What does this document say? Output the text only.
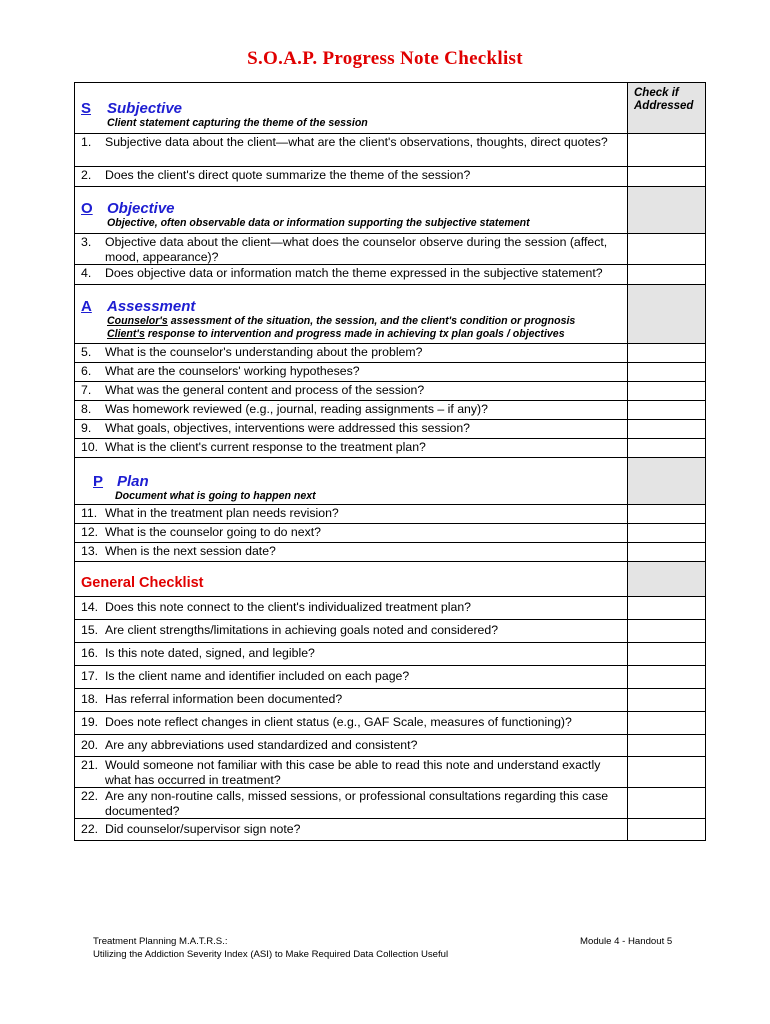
S.O.A.P. Progress Note Checklist
S Subjective
Client statement capturing the theme of the session	Check if Addressed

1. Subjective data about the client—what are the client's observations, thoughts, direct quotes?	

2. Does the client's direct quote summarize the theme of the session?	

O Objective
Objective, often observable data or information supporting the subjective statement	

3. Objective data about the client—what does the counselor observe during the session (affect, mood, appearance)?	

4. Does objective data or information match the theme expressed in the subjective statement?	

A Assessment
Counselor's assessment of the situation, the session, and the client's condition or prognosis
Client's response to intervention and progress made in achieving tx plan goals / objectives	

5. What is the counselor's understanding about the problem?	

6. What are the counselors' working hypotheses?	

7. What was the general content and process of the session?	

8. Was homework reviewed (e.g., journal, reading assignments – if any)?	

9. What goals, objectives, interventions were addressed this session?	

10. What is the client's current response to the treatment plan?	

P Plan
Document what is going to happen next	

11. What in the treatment plan needs revision?	

12. What is the counselor going to do next?	

13. When is the next session date?	

General Checklist	

14. Does this note connect to the client's individualized treatment plan?	

15. Are client strengths/limitations in achieving goals noted and considered?	

16. Is this note dated, signed, and legible?	

17. Is the client name and identifier included on each page?	

18. Has referral information been documented?	

19. Does note reflect changes in client status (e.g., GAF Scale, measures of functioning)?	

20. Are any abbreviations used standardized and consistent?	

21. Would someone not familiar with this case be able to read this note and understand exactly what has occurred in treatment?	

22. Are any non-routine calls, missed sessions, or professional consultations regarding this case documented?	

22. Did counselor/supervisor sign note?	

Treatment Planning M.A.T.R.S.:
Utilizing the Addiction Severity Index (ASI) to Make Required Data Collection Useful
Module 4 - Handout 5
